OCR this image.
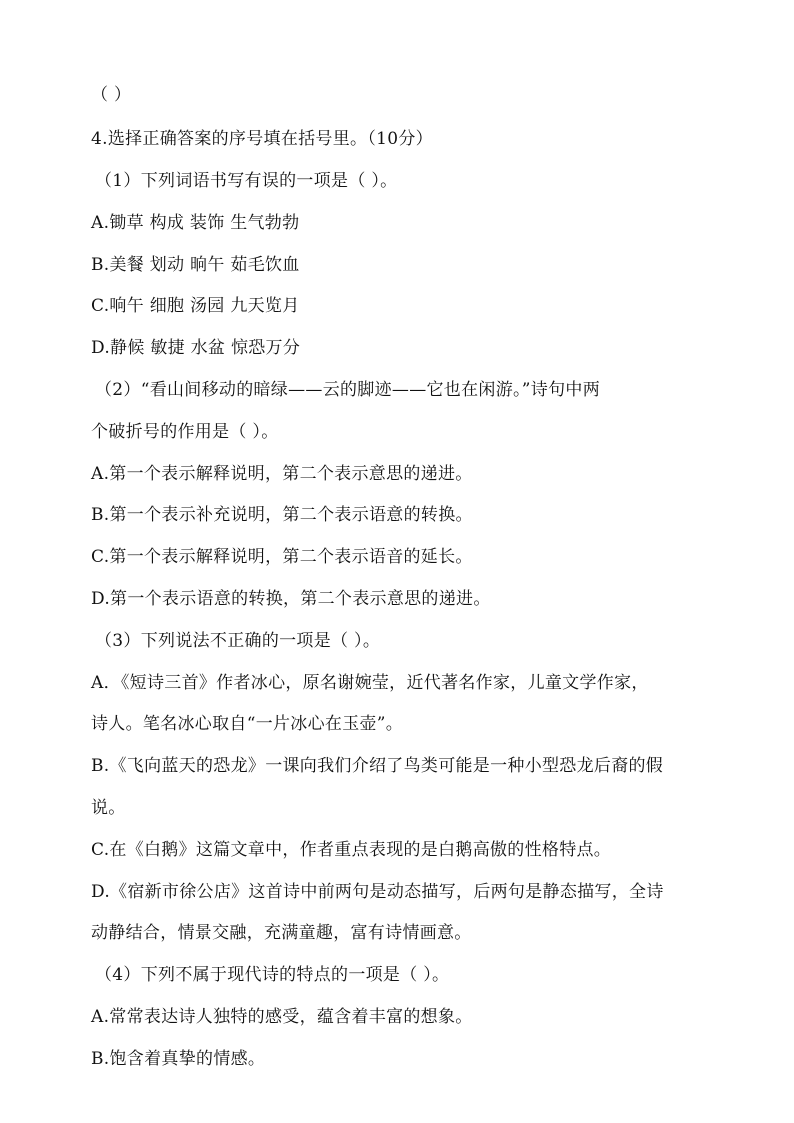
（ ）
4.选择正确答案的序号填在括号里。（10分）
（1）下列词语书写有误的一项是（ ）。
A.锄草 构成 装饰 生气勃勃
B.美餐 划动 晌午 茹毛饮血
C.响午 细胞 汤园 九天览月
D.静候 敏捷 水盆 惊恐万分
（2）“看山间移动的暗绿——云的脚迹——它也在闲游。”诗句中两
个破折号的作用是（ ）。
A.第一个表示解释说明，第二个表示意思的递进。
B.第一个表示补充说明，第二个表示语意的转换。
C.第一个表示解释说明，第二个表示语音的延长。
D.第一个表示语意的转换，第二个表示意思的递进。
（3）下列说法不正确的一项是（ ）。
A．《短诗三首》作者冰心，原名谢婉莹，近代著名作家，儿童文学作家，
诗人。笔名冰心取自“一片冰心在玉壶”。
B.《飞向蓝天的恐龙》一课向我们介绍了鸟类可能是一种小型恐龙后裔的假
说。
C.在《白鹅》这篇文章中，作者重点表现的是白鹅高傲的性格特点。
D.《宿新市徐公店》这首诗中前两句是动态描写，后两句是静态描写，全诗
动静结合，情景交融，充满童趣，富有诗情画意。
（4）下列不属于现代诗的特点的一项是（ ）。
A.常常表达诗人独特的感受，蕴含着丰富的想象。
B.饱含着真挚的情感。
